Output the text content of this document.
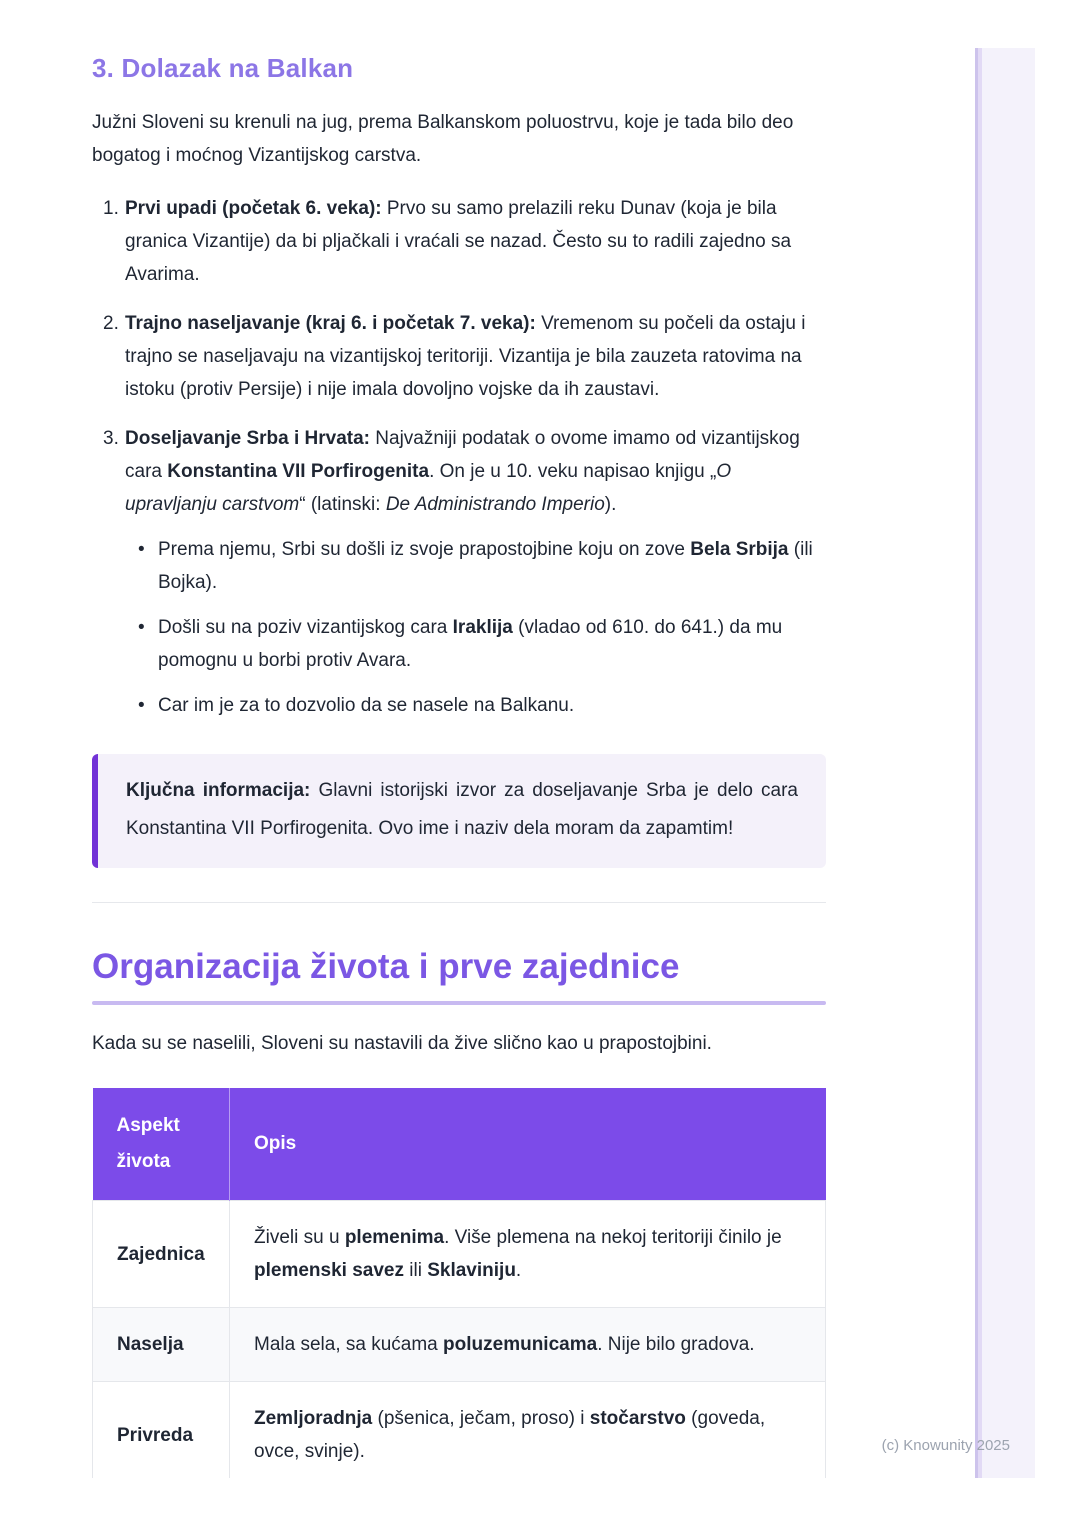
3. Dolazak na Balkan

Južni Sloveni su krenuli na jug, prema Balkanskom poluostrvu, koje je tada bilo deo bogatog i moćnog Vizantijskog carstva.

1. Prvi upadi (početak 6. veka): Prvo su samo prelazili reku Dunav (koja je bila granica Vizantije) da bi pljačkali i vraćali se nazad. Često su to radili zajedno sa Avarima.
2. Trajno naseljavanje (kraj 6. i početak 7. veka): Vremenom su počeli da ostaju i trajno se naseljavaju na vizantijskoj teritoriji. Vizantija je bila zauzeta ratovima na istoku (protiv Persije) i nije imala dovoljno vojske da ih zaustavi.
3. Doseljavanje Srba i Hrvata: Najvažniji podatak o ovome imamo od vizantijskog cara Konstantina VII Porfirogenita. On je u 10. veku napisao knjigu „O upravljanju carstvom“ (latinski: De Administrando Imperio).
• Prema njemu, Srbi su došli iz svoje prapostojbine koju on zove Bela Srbija (ili Bojka).
• Došli su na poziv vizantijskog cara Iraklija (vladao od 610. do 641.) da mu pomognu u borbi protiv Avara.
• Car im je za to dozvolio da se nasele na Balkanu.

Ključna informacija: Glavni istorijski izvor za doseljavanje Srba je delo cara Konstantina VII Porfirogenita. Ovo ime i naziv dela moram da zapamtim!

Organizacija života i prve zajednice

Kada su se naselili, Sloveni su nastavili da žive slično kao u prapostojbini.

Aspekt života	Opis
Zajednica	Živeli su u plemenima. Više plemena na nekoj teritoriji činilo je plemenski savez ili Sklaviniju.
Naselja	Mala sela, sa kućama poluzemunicama. Nije bilo gradova.
Privreda	Zemljoradnja (pšenica, ječam, proso) i stočarstvo (goveda, ovce, svinje).	(c) Knowunity 2025
